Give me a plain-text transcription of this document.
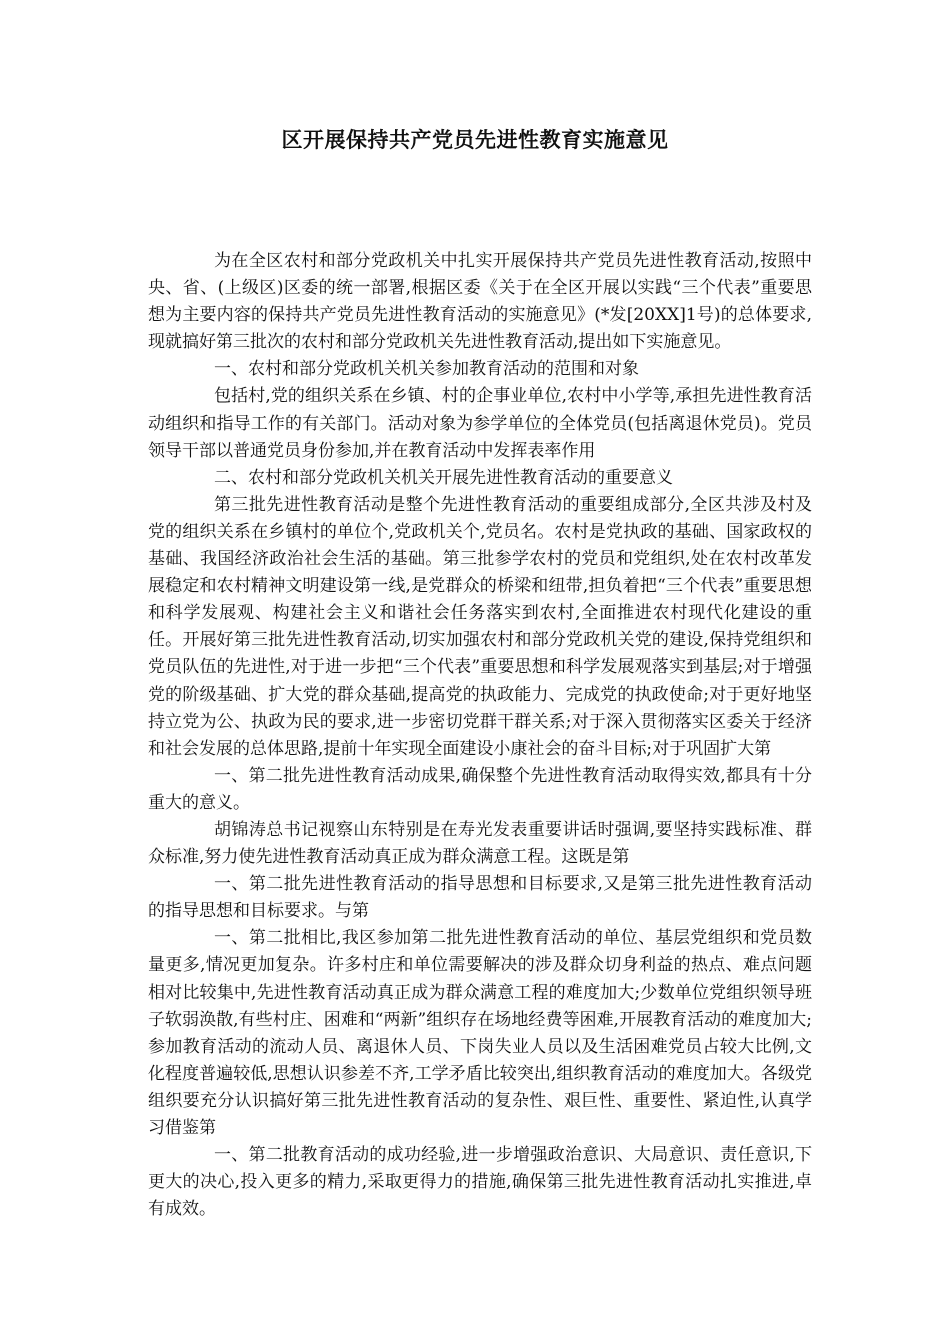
区开展保持共产党员先进性教育实施意见

为在全区农村和部分党政机关中扎实开展保持共产党员先进性教育活动,按照中央、省、(上级区)区委的统一部署,根据区委《关于在全区开展以实践“三个代表”重要思想为主要内容的保持共产党员先进性教育活动的实施意见》(*发[20XX]1号)的总体要求,现就搞好第三批次的农村和部分党政机关先进性教育活动,提出如下实施意见。

一、农村和部分党政机关机关参加教育活动的范围和对象

包括村,党的组织关系在乡镇、村的企事业单位,农村中小学等,承担先进性教育活动组织和指导工作的有关部门。活动对象为参学单位的全体党员(包括离退休党员)。党员领导干部以普通党员身份参加,并在教育活动中发挥表率作用

二、农村和部分党政机关机关开展先进性教育活动的重要意义

第三批先进性教育活动是整个先进性教育活动的重要组成部分,全区共涉及村及党的组织关系在乡镇村的单位个,党政机关个,党员名。农村是党执政的基础、国家政权的基础、我国经济政治社会生活的基础。第三批参学农村的党员和党组织,处在农村改革发展稳定和农村精神文明建设第一线,是党群众的桥梁和纽带,担负着把“三个代表”重要思想和科学发展观、构建社会主义和谐社会任务落实到农村,全面推进农村现代化建设的重任。开展好第三批先进性教育活动,切实加强农村和部分党政机关党的建设,保持党组织和党员队伍的先进性,对于进一步把“三个代表”重要思想和科学发展观落实到基层;对于增强党的阶级基础、扩大党的群众基础,提高党的执政能力、完成党的执政使命;对于更好地坚持立党为公、执政为民的要求,进一步密切党群干群关系;对于深入贯彻落实区委关于经济和社会发展的总体思路,提前十年实现全面建设小康社会的奋斗目标;对于巩固扩大第

一、第二批先进性教育活动成果,确保整个先进性教育活动取得实效,都具有十分重大的意义。

胡锦涛总书记视察山东特别是在寿光发表重要讲话时强调,要坚持实践标准、群众标准,努力使先进性教育活动真正成为群众满意工程。这既是第

一、第二批先进性教育活动的指导思想和目标要求,又是第三批先进性教育活动的指导思想和目标要求。与第

一、第二批相比,我区参加第二批先进性教育活动的单位、基层党组织和党员数量更多,情况更加复杂。许多村庄和单位需要解决的涉及群众切身利益的热点、难点问题相对比较集中,先进性教育活动真正成为群众满意工程的难度加大;少数单位党组织领导班子软弱涣散,有些村庄、困难和“两新”组织存在场地经费等困难,开展教育活动的难度加大;参加教育活动的流动人员、离退休人员、下岗失业人员以及生活困难党员占较大比例,文化程度普遍较低,思想认识参差不齐,工学矛盾比较突出,组织教育活动的难度加大。各级党组织要充分认识搞好第三批先进性教育活动的复杂性、艰巨性、重要性、紧迫性,认真学习借鉴第

一、第二批教育活动的成功经验,进一步增强政治意识、大局意识、责任意识,下更大的决心,投入更多的精力,采取更得力的措施,确保第三批先进性教育活动扎实推进,卓有成效。
